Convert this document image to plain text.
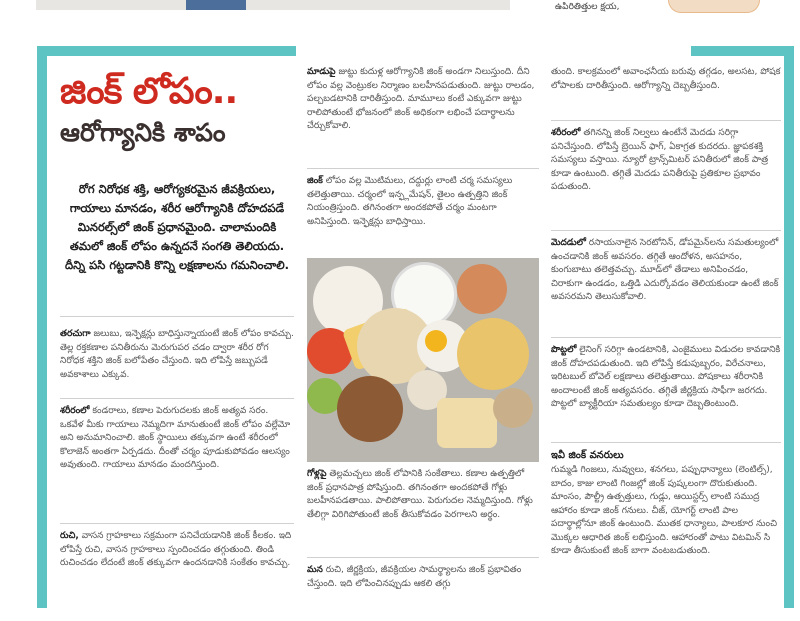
ఉపిరితిత్తుల క్షయ,
జింక్ లోపం..
ఆరోగ్యానికి శాపం
రోగ నిరోధక శక్తి, ఆరోగ్యకరమైన జీవక్రియలు, గాయాలు మానడం, శరీర ఆరోగ్యానికి దోహదపడే మినరల్స్‌లో జింక్ ప్రధానమైంది. చాలామందికి తమలో జింక్ లోపం ఉన్నదనే సంగతి తెలియదు. దీన్ని పసి గట్టడానికి కొన్ని లక్షణాలను గమనించాలి.
తరచుగా జలుబు, ఇన్ఫెక్షన్లు బాధిస్తున్నాయంటే జింక్ లోపం కావచ్చు. తెల్ల రక్తకణాల పనితీరును మెరుగుపర చడం ద్వారా శరీర రోగ నిరోధక శక్తిని జింక్ బలోపేతం చేస్తుంది. ఇది లోపిస్తే జబ్బుపడే అవకాశాలు ఎక్కువ.
శరీరంలో కండరాలు, కణాల పెరుగుదలకు జింక్ అత్యవ సరం. ఒకవేళ మీకు గాయాలు నెమ్మదిగా మానుతుంటే జింక్ లోపం వల్లేమో అని అనుమానించాలి. జింక్ స్థాయిలు తక్కువగా ఉంటే శరీరంలో కొలాజెన్ అంతగా ఏర్పడదు. దీంతో చర్మం పూడుకుపోవడం ఆలస్యం అవుతుంది. గాయాలు మానడం మందగిస్తుంది.
రుచి, వాసన గ్రాహకాలు సక్రమంగా పనిచేయడానికి జింక్ కీలకం. ఇది లోపిస్తే రుచి, వాసన గ్రాహకాలు స్పందించడం తగ్గుతుంది. తిండి రుచించడం లేదంటే జింక్ తక్కువగా ఉందనడానికి సంకేతం కావచ్చు.
మాడుపై జుట్టు కుదుళ్ల ఆరోగ్యానికి జింక్ అండగా నిలుస్తుంది. దీని లోపం వల్ల వెంట్రుకల నిర్మాణం బలహీనపడుతుంది. జుట్టు రాలడం, పల్చబడటానికి దారితీస్తుంది. మామూలు కంటే ఎక్కువగా జుట్టు రాలిపోతుంటే భోజనంలో జింక్ అధికంగా లభించే పదార్థాలను చేర్చుకోవాలి.
జింక్ లోపం వల్ల మొటిమలు, దద్దుర్లు లాంటి చర్మ సమస్యలు తలెత్తుతాయి. చర్మంలో ఇన్ఫ్లమేషన్, తైలం ఉత్పత్తిని జింక్ నియంత్రిస్తుంది. తగినంతగా అందకపోతే చర్మం మంటగా అనిపిస్తుంది. ఇన్ఫెక్షన్లు బాధిస్తాయి.
గోళ్లపై తెల్లమచ్చలు జింక్ లోపానికి సంకేతాలు. కణాల ఉత్పత్తిలో జింక్ ప్రధానపాత్ర పోషిస్తుంది. తగినంతగా అందకపోతే గోళ్లు బలహీనపడతాయి. పాలిపోతాయి. పెరుగుదల నెమ్మదిస్తుంది. గోళ్లు తేలిగ్గా విరిగిపోతుంటే జింక్ తీసుకోవడం పెరగాలని అర్థం.
మన రుచి, జీర్ణక్రియ, జీవక్రియల సామర్థ్యాలను జింక్ ప్రభావితం చేస్తుంది. ఇది లోపించినప్పుడు ఆకలి తగ్గు
తుంది. కాలక్రమంలో అవాంఛనీయ బరువు తగ్గడం, అలసట, పోషక లోపాలకు దారితీస్తుంది. ఆరోగ్యాన్ని దెబ్బతీస్తుంది.
శరీరంలో తగినన్ని జింక్ నిల్వలు ఉంటేనే మెదడు సరిగ్గా పనిచేస్తుంది. లోపిస్తే బ్రెయిన్ ఫాగ్, ఏకాగ్రత కుదరదు. జ్ఞాపకశక్తి సమస్యలు వస్తాయి. న్యూరో ట్రాన్స్‌మిటర్ పనితీరులో జింక్ పాత్ర కూడా ఉంటుంది. తగ్గితే మెదడు పనితీరుపై ప్రతికూల ప్రభావం పడుతుంది.
మెదడులో రసాయనాలైన సెరటోనిన్, డోపమైన్‌లను సమతుల్యంలో ఉంచడానికి జింక్ అవసరం. తగ్గితే ఆందోళన, అసహనం, కుంగుబాటు తలెత్తవచ్చు. మూడ్‌లో తేడాలు అనిపించడం, చిరాకుగా ఉండడం, ఒత్తిడి ఎదుర్కోవడం తెలియకుండా ఉంటే జింక్ అవసరమని తెలుసుకోవాలి.
పొట్టలో లైనింగ్ సరిగ్గా ఉండటానికి, ఎంజైములు విడుదల కావడానికి జింక్ దోహదపడుతుంది. ఇది లోపిస్తే కడుపుబ్బరం, విరేచనాలు, ఇరిటబుల్ బోవెల్ లక్షణాలు తలెత్తుతాయి. పోషకాలు శరీరానికి అందాలంటే జింక్ అత్యవసరం. తగ్గితే జీర్ణక్రియ సాఫీగా జరగదు. పొట్టలో బ్యాక్టీరియా సమతుల్యం కూడా దెబ్బతింటుంది.
ఇవీ జింక్ వనరులు
గుమ్మడి గింజలు, నువ్వులు, శనగలు, పప్పుధాన్యాలు (లెంటిల్స్), బాదం, కాజు లాంటి గింజల్లో జింక్ పుష్కలంగా దొరుకుతుంది. మాంసం, పౌల్ట్రీ ఉత్పత్తులు, గుడ్లు, ఆయిస్టర్స్ లాంటి సముద్ర ఆహారం కూడా జింక్ గనులు. చీజ్, యోగర్ట్ లాంటి పాల పదార్థాల్లోనూ జింక్ ఉంటుంది. ముతక ధాన్యాలు, పాలకూర నుంచి మొక్కల ఆధారిత జింక్ లభిస్తుంది. ఆహారంతో పాటు విటమిన్ సి కూడా తీసుకుంటే జింక్ బాగా వంటబడుతుంది.
